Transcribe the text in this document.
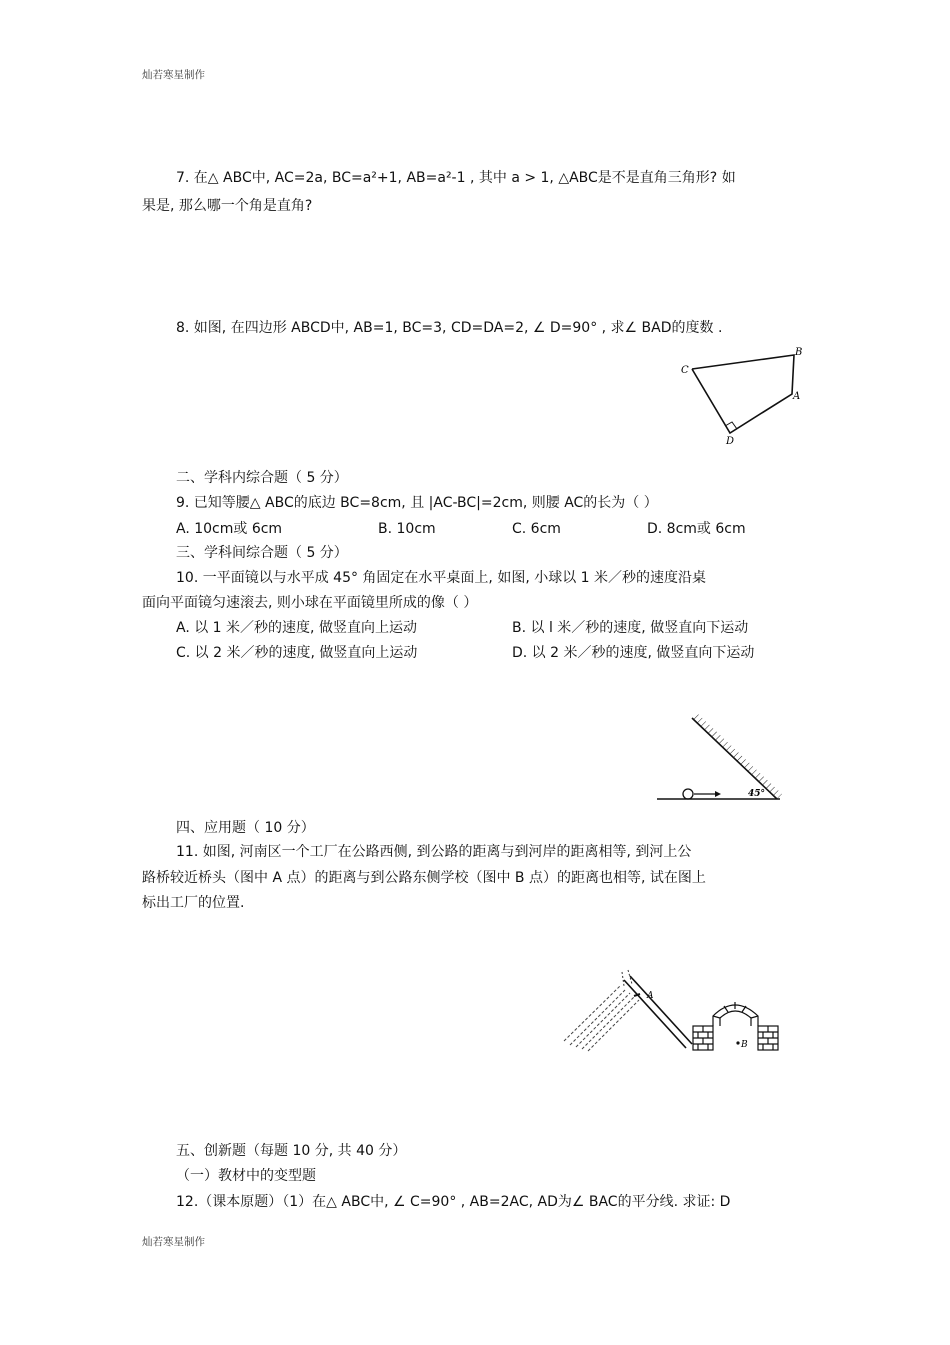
灿若寒星制作
7. 在△ ABC中, AC=2a, BC=a²+1, AB=a²-1 , 其中 a > 1, △ABC是不是直角三角形? 如
果是, 那么哪一个角是直角?
8. 如图, 在四边形 ABCD中, AB=1, BC=3, CD=DA=2, ∠ D=90° , 求∠ BAD的度数 .
C
B
A
D
二、学科内综合题（ 5 分）
9. 已知等腰△ ABC的底边 BC=8cm, 且 |AC-BC|=2cm, 则腰 AC的长为（ ）
A. 10cm或 6cm	B. 10cm	C. 6cm	D. 8cm或 6cm
三、学科间综合题（ 5 分）
10. 一平面镜以与水平成 45° 角固定在水平桌面上, 如图, 小球以 1 米／秒的速度沿桌
面向平面镜匀速滚去, 则小球在平面镜里所成的像（ ）
A. 以 1 米／秒的速度, 做竖直向上运动	B. 以 l 米／秒的速度, 做竖直向下运动
C. 以 2 米／秒的速度, 做竖直向上运动	D. 以 2 米／秒的速度, 做竖直向下运动
45°
四、应用题（ 10 分）
11. 如图, 河南区一个工厂在公路西侧, 到公路的距离与到河岸的距离相等, 到河上公
路桥较近桥头（图中 A 点）的距离与到公路东侧学校（图中 B 点）的距离也相等, 试在图上
标出工厂的位置.
A
B
五、创新题（每题 10 分, 共 40 分）
（一）教材中的变型题
12.（课本原题）（1）在△ ABC中, ∠ C=90° , AB=2AC, AD为∠ BAC的平分线. 求证: D
灿若寒星制作
